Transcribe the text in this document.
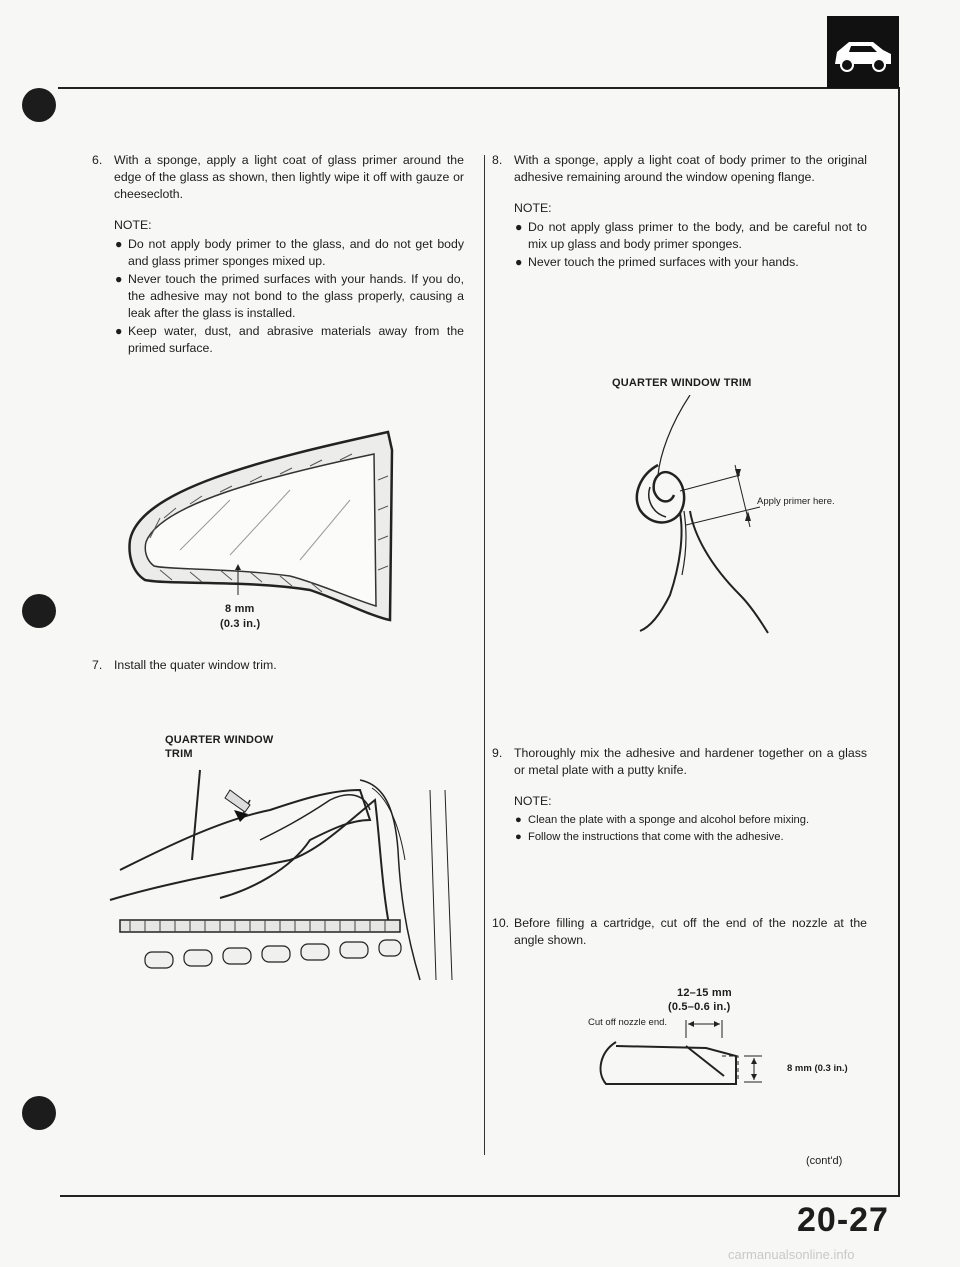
6. With a sponge, apply a light coat of glass primer around the edge of the glass as shown, then lightly wipe it off with gauze or cheesecloth.
NOTE:
● Do not apply body primer to the glass, and do not get body and glass primer sponges mixed up.
● Never touch the primed surfaces with your hands. If you do, the adhesive may not bond to the glass properly, causing a leak after the glass is installed.
● Keep water, dust, and abrasive materials away from the primed surface.
8 mm
(0.3 in.)
7. Install the quater window trim.
QUARTER WINDOW
TRIM
8. With a sponge, apply a light coat of body primer to the original adhesive remaining around the window opening flange.
NOTE:
● Do not apply glass primer to the body, and be careful not to mix up glass and body primer sponges.
● Never touch the primed surfaces with your hands.
QUARTER WINDOW TRIM
Apply primer here.
9. Thoroughly mix the adhesive and hardener together on a glass or metal plate with a putty knife.
NOTE:
● Clean the plate with a sponge and alcohol before mixing.
● Follow the instructions that come with the adhesive.
10. Before filling a cartridge, cut off the end of the nozzle at the angle shown.
12–15 mm
(0.5–0.6 in.)
Cut off nozzle end.
8 mm (0.3 in.)
(cont'd)
20-27
carmanualsonline.info
